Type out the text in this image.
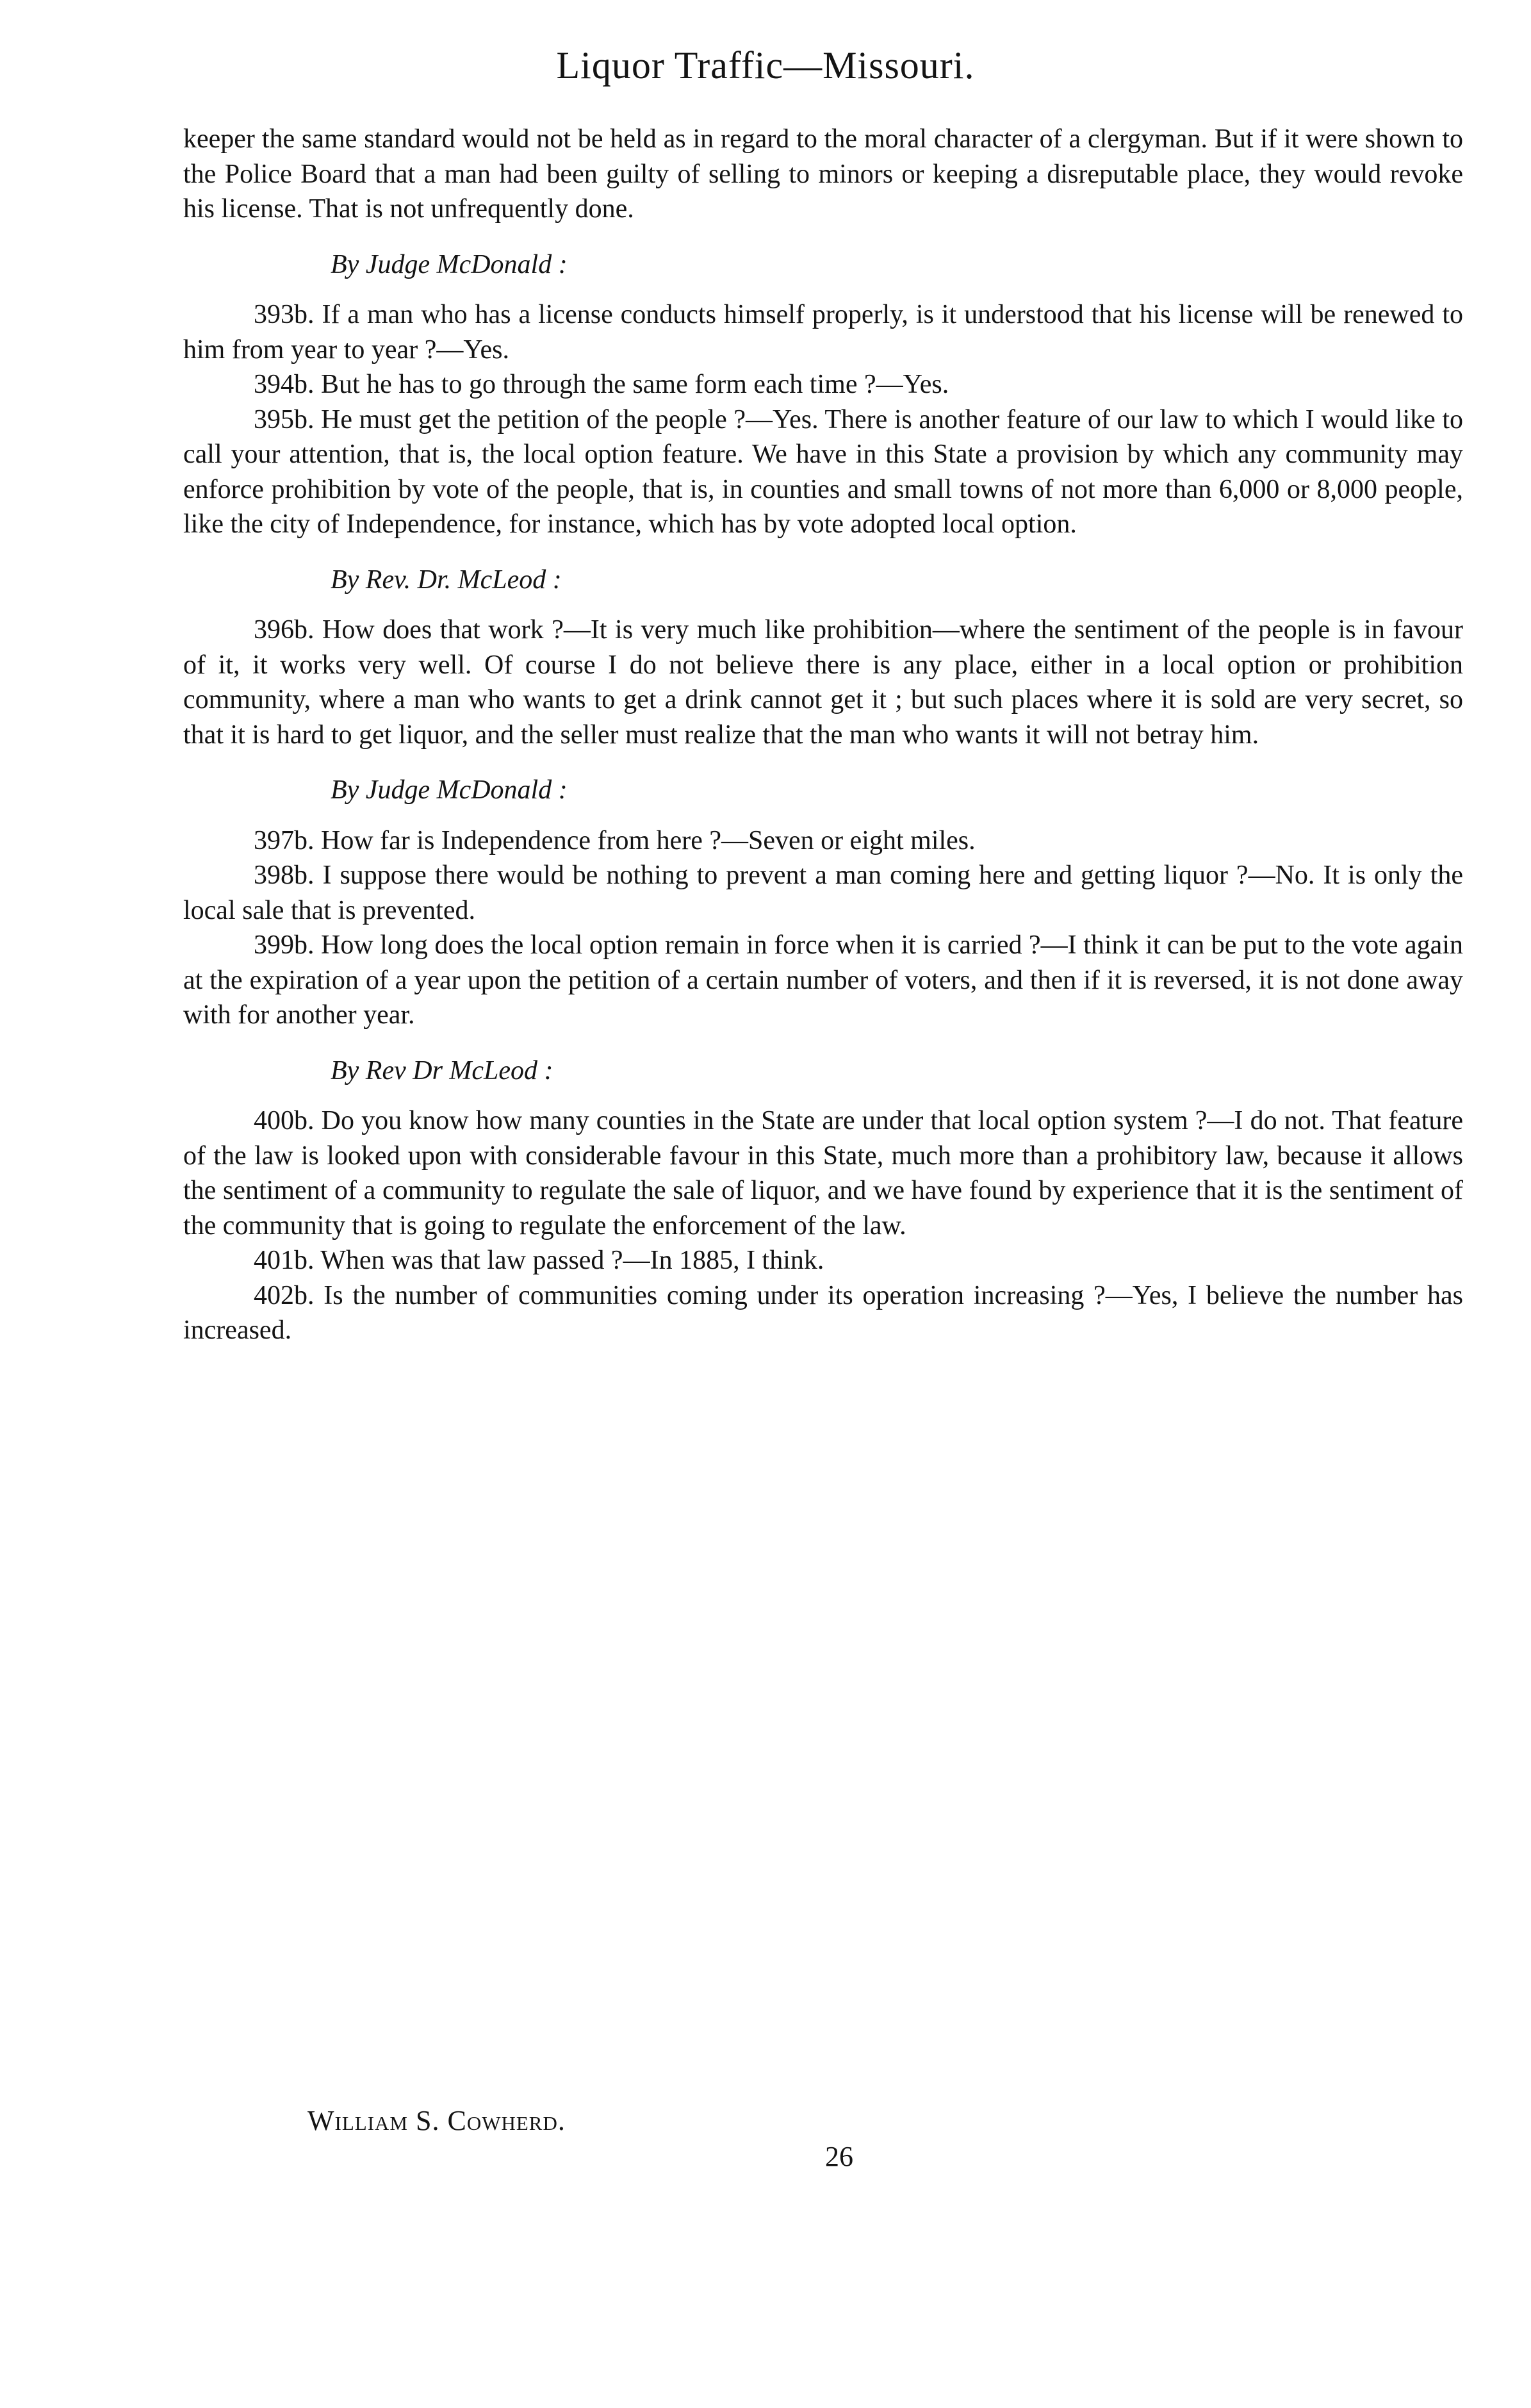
Liquor Traffic—Missouri.

keeper the same standard would not be held as in regard to the moral character of a clergyman. But if it were shown to the Police Board that a man had been guilty of selling to minors or keeping a disreputable place, they would revoke his license. That is not unfrequently done.

By Judge McDonald :

393b. If a man who has a license conducts himself properly, is it understood that his license will be renewed to him from year to year ?—Yes.

394b. But he has to go through the same form each time ?—Yes.

395b. He must get the petition of the people ?—Yes. There is another feature of our law to which I would like to call your attention, that is, the local option feature. We have in this State a provision by which any community may enforce prohibition by vote of the people, that is, in counties and small towns of not more than 6,000 or 8,000 people, like the city of Independence, for instance, which has by vote adopted local option.

By Rev. Dr. McLeod :

396b. How does that work ?—It is very much like prohibition—where the sentiment of the people is in favour of it, it works very well. Of course I do not believe there is any place, either in a local option or prohibition community, where a man who wants to get a drink cannot get it ; but such places where it is sold are very secret, so that it is hard to get liquor, and the seller must realize that the man who wants it will not betray him.

By Judge McDonald :

397b. How far is Independence from here ?—Seven or eight miles.

398b. I suppose there would be nothing to prevent a man coming here and getting liquor ?—No. It is only the local sale that is prevented.

399b. How long does the local option remain in force when it is carried ?—I think it can be put to the vote again at the expiration of a year upon the petition of a certain number of voters, and then if it is reversed, it is not done away with for another year.

By Rev Dr McLeod :

400b. Do you know how many counties in the State are under that local option system ?—I do not. That feature of the law is looked upon with considerable favour in this State, much more than a prohibitory law, because it allows the sentiment of a community to regulate the sale of liquor, and we have found by experience that it is the sentiment of the community that is going to regulate the enforcement of the law.

401b. When was that law passed ?—In 1885, I think.

402b. Is the number of communities coming under its operation increasing ?—Yes, I believe the number has increased.

William S. Cowherd.
26
